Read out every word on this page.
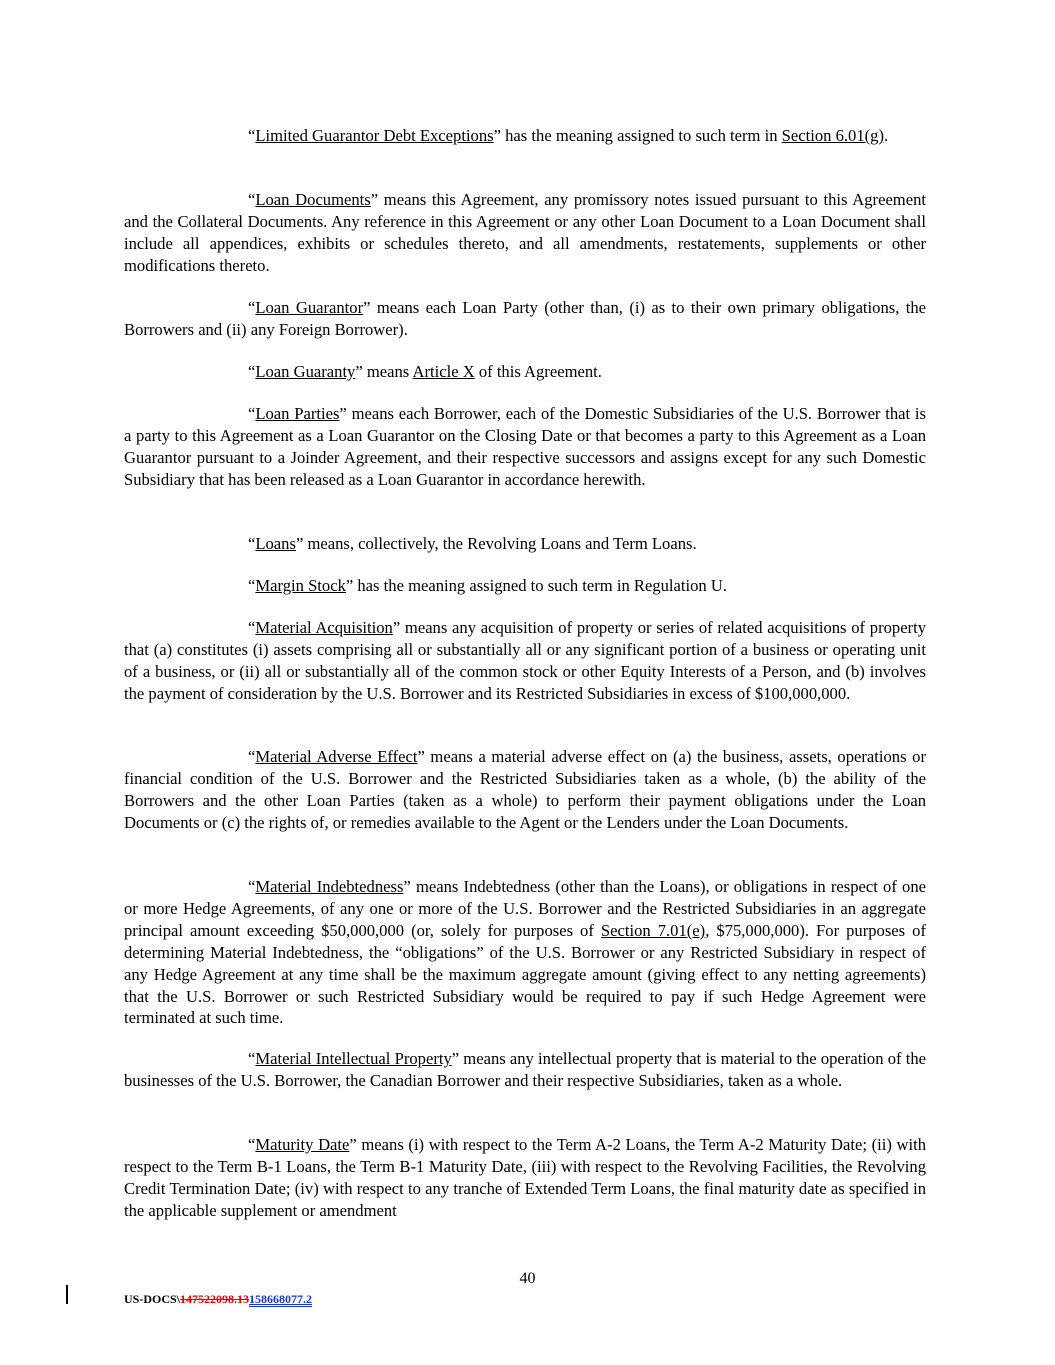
“Limited Guarantor Debt Exceptions” has the meaning assigned to such term in Section 6.01(g).

“Loan Documents” means this Agreement, any promissory notes issued pursuant to this Agreement and the Collateral Documents. Any reference in this Agreement or any other Loan Document to a Loan Document shall include all appendices, exhibits or schedules thereto, and all amendments, restatements, supplements or other modifications thereto.

“Loan Guarantor” means each Loan Party (other than, (i) as to their own primary obligations, the Borrowers and (ii) any Foreign Borrower).

“Loan Guaranty” means Article X of this Agreement.

“Loan Parties” means each Borrower, each of the Domestic Subsidiaries of the U.S. Borrower that is a party to this Agreement as a Loan Guarantor on the Closing Date or that becomes a party to this Agreement as a Loan Guarantor pursuant to a Joinder Agreement, and their respective successors and assigns except for any such Domestic Subsidiary that has been released as a Loan Guarantor in accordance herewith.

“Loans” means, collectively, the Revolving Loans and Term Loans.

“Margin Stock” has the meaning assigned to such term in Regulation U.

“Material Acquisition” means any acquisition of property or series of related acquisitions of property that (a) constitutes (i) assets comprising all or substantially all or any significant portion of a business or operating unit of a business, or (ii) all or substantially all of the common stock or other Equity Interests of a Person, and (b) involves the payment of consideration by the U.S. Borrower and its Restricted Subsidiaries in excess of $100,000,000.

“Material Adverse Effect” means a material adverse effect on (a) the business, assets, operations or financial condition of the U.S. Borrower and the Restricted Subsidiaries taken as a whole, (b) the ability of the Borrowers and the other Loan Parties (taken as a whole) to perform their payment obligations under the Loan Documents or (c) the rights of, or remedies available to the Agent or the Lenders under the Loan Documents.

“Material Indebtedness” means Indebtedness (other than the Loans), or obligations in respect of one or more Hedge Agreements, of any one or more of the U.S. Borrower and the Restricted Subsidiaries in an aggregate principal amount exceeding $50,000,000 (or, solely for purposes of Section 7.01(e), $75,000,000). For purposes of determining Material Indebtedness, the “obligations” of the U.S. Borrower or any Restricted Subsidiary in respect of any Hedge Agreement at any time shall be the maximum aggregate amount (giving effect to any netting agreements) that the U.S. Borrower or such Restricted Subsidiary would be required to pay if such Hedge Agreement were terminated at such time.

“Material Intellectual Property” means any intellectual property that is material to the operation of the businesses of the U.S. Borrower, the Canadian Borrower and their respective Subsidiaries, taken as a whole.

“Maturity Date” means (i) with respect to the Term A-2 Loans, the Term A-2 Maturity Date; (ii) with respect to the Term B-1 Loans, the Term B-1 Maturity Date, (iii) with respect to the Revolving Facilities, the Revolving Credit Termination Date; (iv) with respect to any tranche of Extended Term Loans, the final maturity date as specified in the applicable supplement or amendment

40
US-DOCS\147522098.13158668077.2
